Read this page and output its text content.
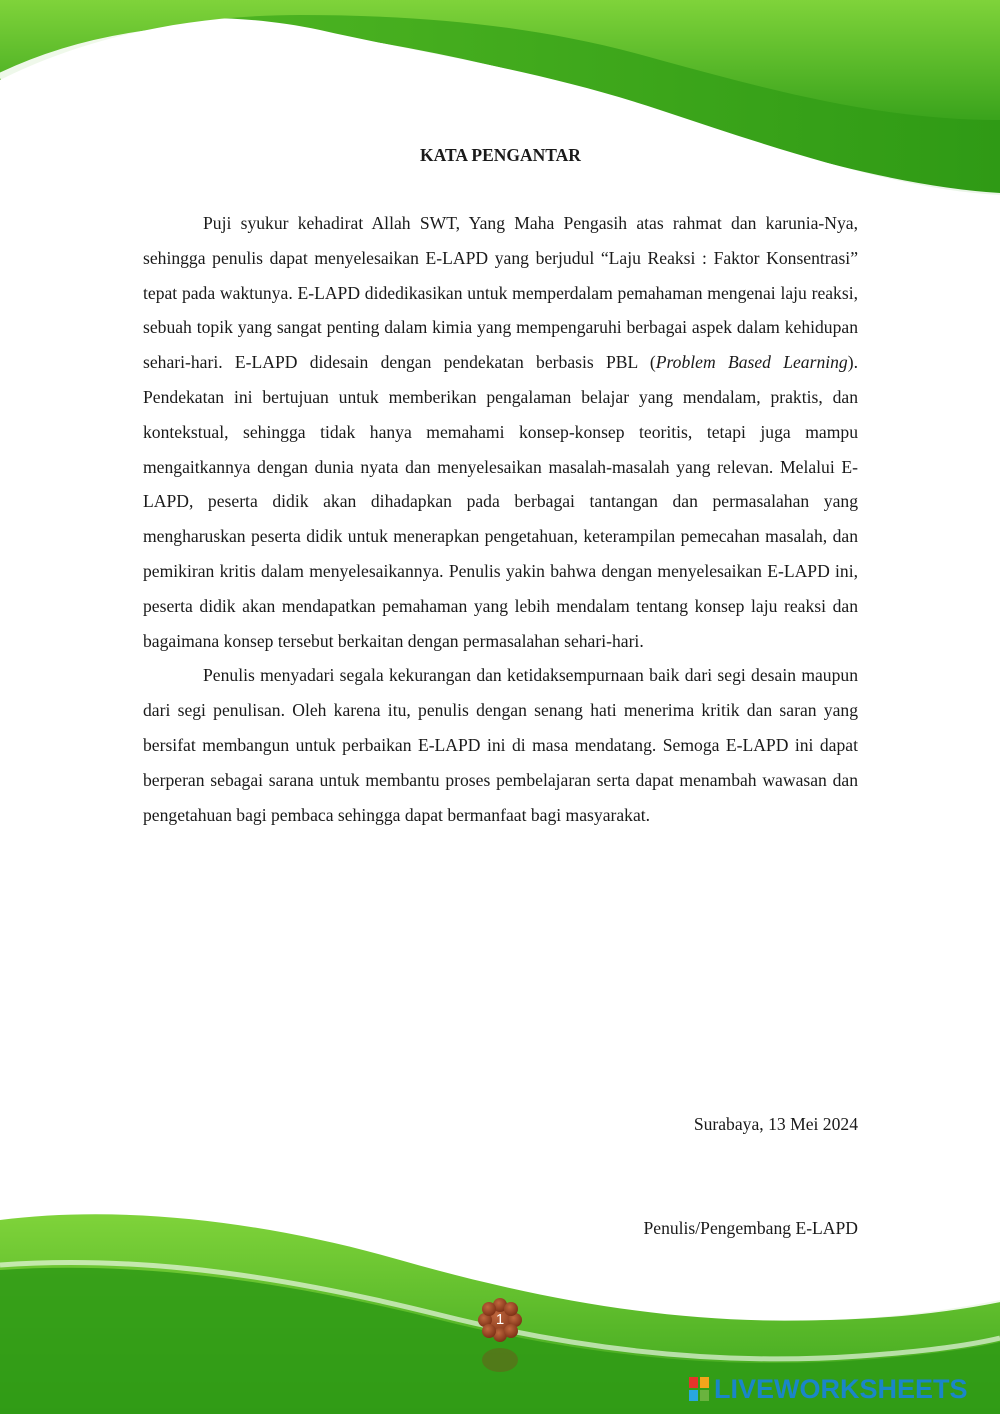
KATA PENGANTAR

Puji syukur kehadirat Allah SWT, Yang Maha Pengasih atas rahmat dan karunia-Nya, sehingga penulis dapat menyelesaikan E-LAPD yang berjudul “Laju Reaksi : Faktor Konsentrasi” tepat pada waktunya. E-LAPD didedikasikan untuk memperdalam pemahaman mengenai laju reaksi, sebuah topik yang sangat penting dalam kimia yang mempengaruhi berbagai aspek dalam kehidupan sehari-hari. E-LAPD didesain dengan pendekatan berbasis PBL (Problem Based Learning). Pendekatan ini bertujuan untuk memberikan pengalaman belajar yang mendalam, praktis, dan kontekstual, sehingga tidak hanya memahami konsep-konsep teoritis, tetapi juga mampu mengaitkannya dengan dunia nyata dan menyelesaikan masalah-masalah yang relevan. Melalui E-LAPD, peserta didik akan dihadapkan pada berbagai tantangan dan permasalahan yang mengharuskan peserta didik untuk menerapkan pengetahuan, keterampilan pemecahan masalah, dan pemikiran kritis dalam menyelesaikannya. Penulis yakin bahwa dengan menyelesaikan E-LAPD ini, peserta didik akan mendapatkan pemahaman yang lebih mendalam tentang konsep laju reaksi dan bagaimana konsep tersebut berkaitan dengan permasalahan sehari-hari.

Penulis menyadari segala kekurangan dan ketidaksempurnaan baik dari segi desain maupun dari segi penulisan. Oleh karena itu, penulis dengan senang hati menerima kritik dan saran yang bersifat membangun untuk perbaikan E-LAPD ini di masa mendatang. Semoga E-LAPD ini dapat berperan sebagai sarana untuk membantu proses pembelajaran serta dapat menambah wawasan dan pengetahuan bagi pembaca sehingga dapat bermanfaat bagi masyarakat.

Surabaya, 13 Mei 2024
Penulis/Pengembang E-LAPD
1
LIVEWORKSHEETS
